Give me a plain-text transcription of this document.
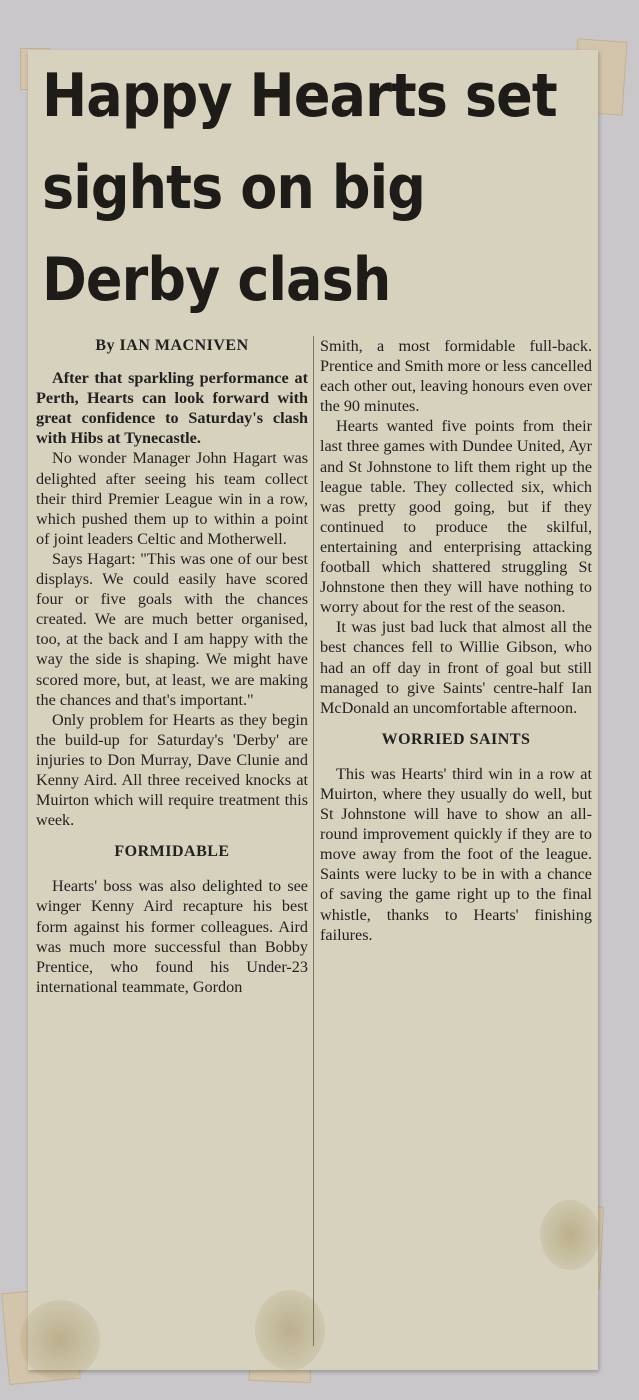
Happy Hearts set
sights on big
Derby clash

By IAN MACNIVEN

After that sparkling performance at Perth, Hearts can look forward with great confidence to Saturday's clash with Hibs at Tynecastle.

No wonder Manager John Hagart was delighted after seeing his team collect their third Premier League win in a row, which pushed them up to within a point of joint leaders Celtic and Motherwell.

Says Hagart: "This was one of our best displays. We could easily have scored four or five goals with the chances created. We are much better organised, too, at the back and I am happy with the way the side is shaping. We might have scored more, but, at least, we are making the chances and that's important."

Only problem for Hearts as they begin the build-up for Saturday's 'Derby' are injuries to Don Murray, Dave Clunie and Kenny Aird. All three received knocks at Muirton which will require treatment this week.

FORMIDABLE

Hearts' boss was also delighted to see winger Kenny Aird recapture his best form against his former colleagues. Aird was much more successful than Bobby Prentice, who found his Under-23 international teammate, Gordon

Smith, a most formidable full-back. Prentice and Smith more or less cancelled each other out, leaving honours even over the 90 minutes.

Hearts wanted five points from their last three games with Dundee United, Ayr and St Johnstone to lift them right up the league table. They collected six, which was pretty good going, but if they continued to produce the skilful, entertaining and enterprising attacking football which shattered struggling St Johnstone then they will have nothing to worry about for the rest of the season.

It was just bad luck that almost all the best chances fell to Willie Gibson, who had an off day in front of goal but still managed to give Saints' centre-half Ian McDonald an uncomfortable afternoon.

WORRIED SAINTS

This was Hearts' third win in a row at Muirton, where they usually do well, but St Johnstone will have to show an all-round improvement quickly if they are to move away from the foot of the league. Saints were lucky to be in with a chance of saving the game right up to the final whistle, thanks to Hearts' finishing failures.
